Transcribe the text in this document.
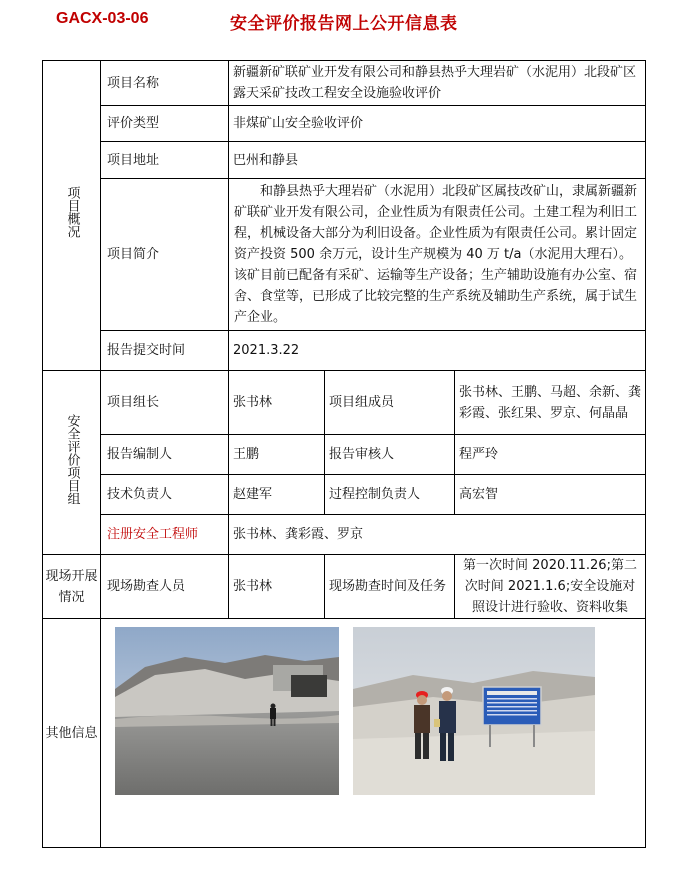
GACX-03-06	安全评价报告网上公开信息表
项目概况	项目名称	新疆新矿联矿业开发有限公司和静县热乎大理岩矿（水泥用）北段矿区露天采矿技改工程安全设施验收评价		
	评价类型	非煤矿山安全验收评价		
	项目地址	巴州和静县		
	项目简介	和静县热乎大理岩矿（水泥用）北段矿区属技改矿山，隶属新疆新矿联矿业开发有限公司，企业性质为有限责任公司。土建工程为利旧工程，机械设备大部分为利旧设备。企业性质为有限责任公司。累计固定资产投资 500 余万元，设计生产规模为 40 万 t/a（水泥用大理石）。该矿目前已配备有采矿、运输等生产设备；生产辅助设施有办公室、宿舍、食堂等，已形成了比较完整的生产系统及辅助生产系统，属于试生产企业。		
	报告提交时间	2021.3.22		
安全评价项目组	项目组长	张书林	项目组成员	张书林、王鹏、马超、余新、龚彩霞、张红果、罗京、何晶晶
	报告编制人	王鹏	报告审核人	程严玲
	技术负责人	赵建军	过程控制负责人	高宏智
	注册安全工程师	张书林、龚彩霞、罗京		
现场开展情况	现场勘查人员	张书林	现场勘查时间及任务	第一次时间 2020.11.26;第二次时间 2021.1.6;安全设施对照设计进行验收、资料收集
其他信息	
